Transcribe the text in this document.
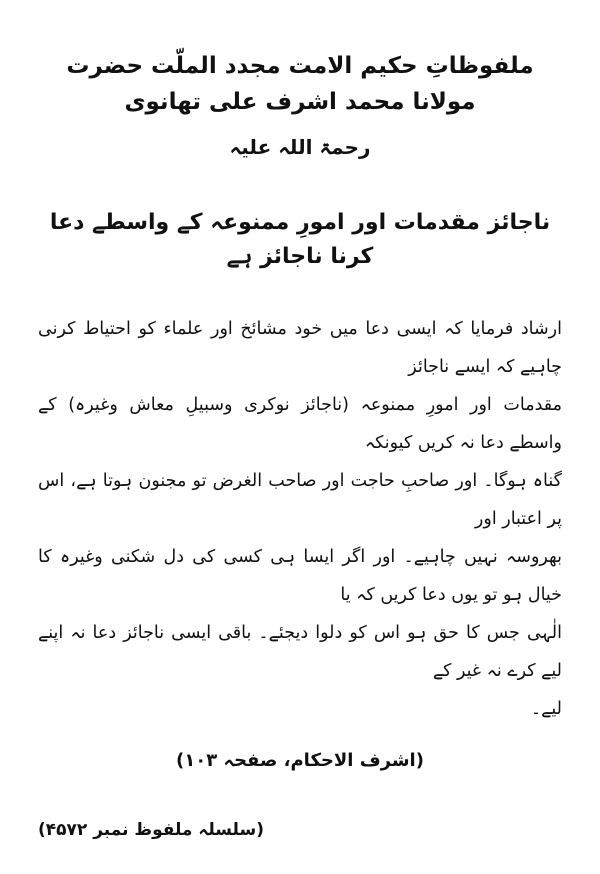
ملفوظاتِ حکیم الامت مجدد الملّت حضرت مولانا محمد اشرف علی تھانوی
رحمۃ اللہ علیہ
ناجائز مقدمات اور امورِ ممنوعہ کے واسطے دعا کرنا ناجائز ہے
ارشاد فرمایا کہ ایسی دعا میں خود مشائخ اور علماء کو احتیاط کرنی چاہیے کہ ایسے ناجائز
مقدمات اور امورِ ممنوعہ (ناجائز نوکری وسبیلِ معاش وغیرہ) کے واسطے دعا نہ کریں کیونکہ
گناہ ہوگا۔ اور صاحبِ حاجت اور صاحب الغرض تو مجنون ہوتا ہے، اس پر اعتبار اور
بھروسہ نہیں چاہیے۔ اور اگر ایسا ہی کسی کی دل شکنی وغیرہ کا خیال ہو تو یوں دعا کریں کہ یا
الٰہی جس کا حق ہو اس کو دلوا دیجئے۔ باقی ایسی ناجائز دعا نہ اپنے لیے کرے نہ غیر کے
لیے۔
(اشرف الاحکام، صفحہ ۱۰۳)
(سلسلہ ملفوظ نمبر ۴۵۷۲)
